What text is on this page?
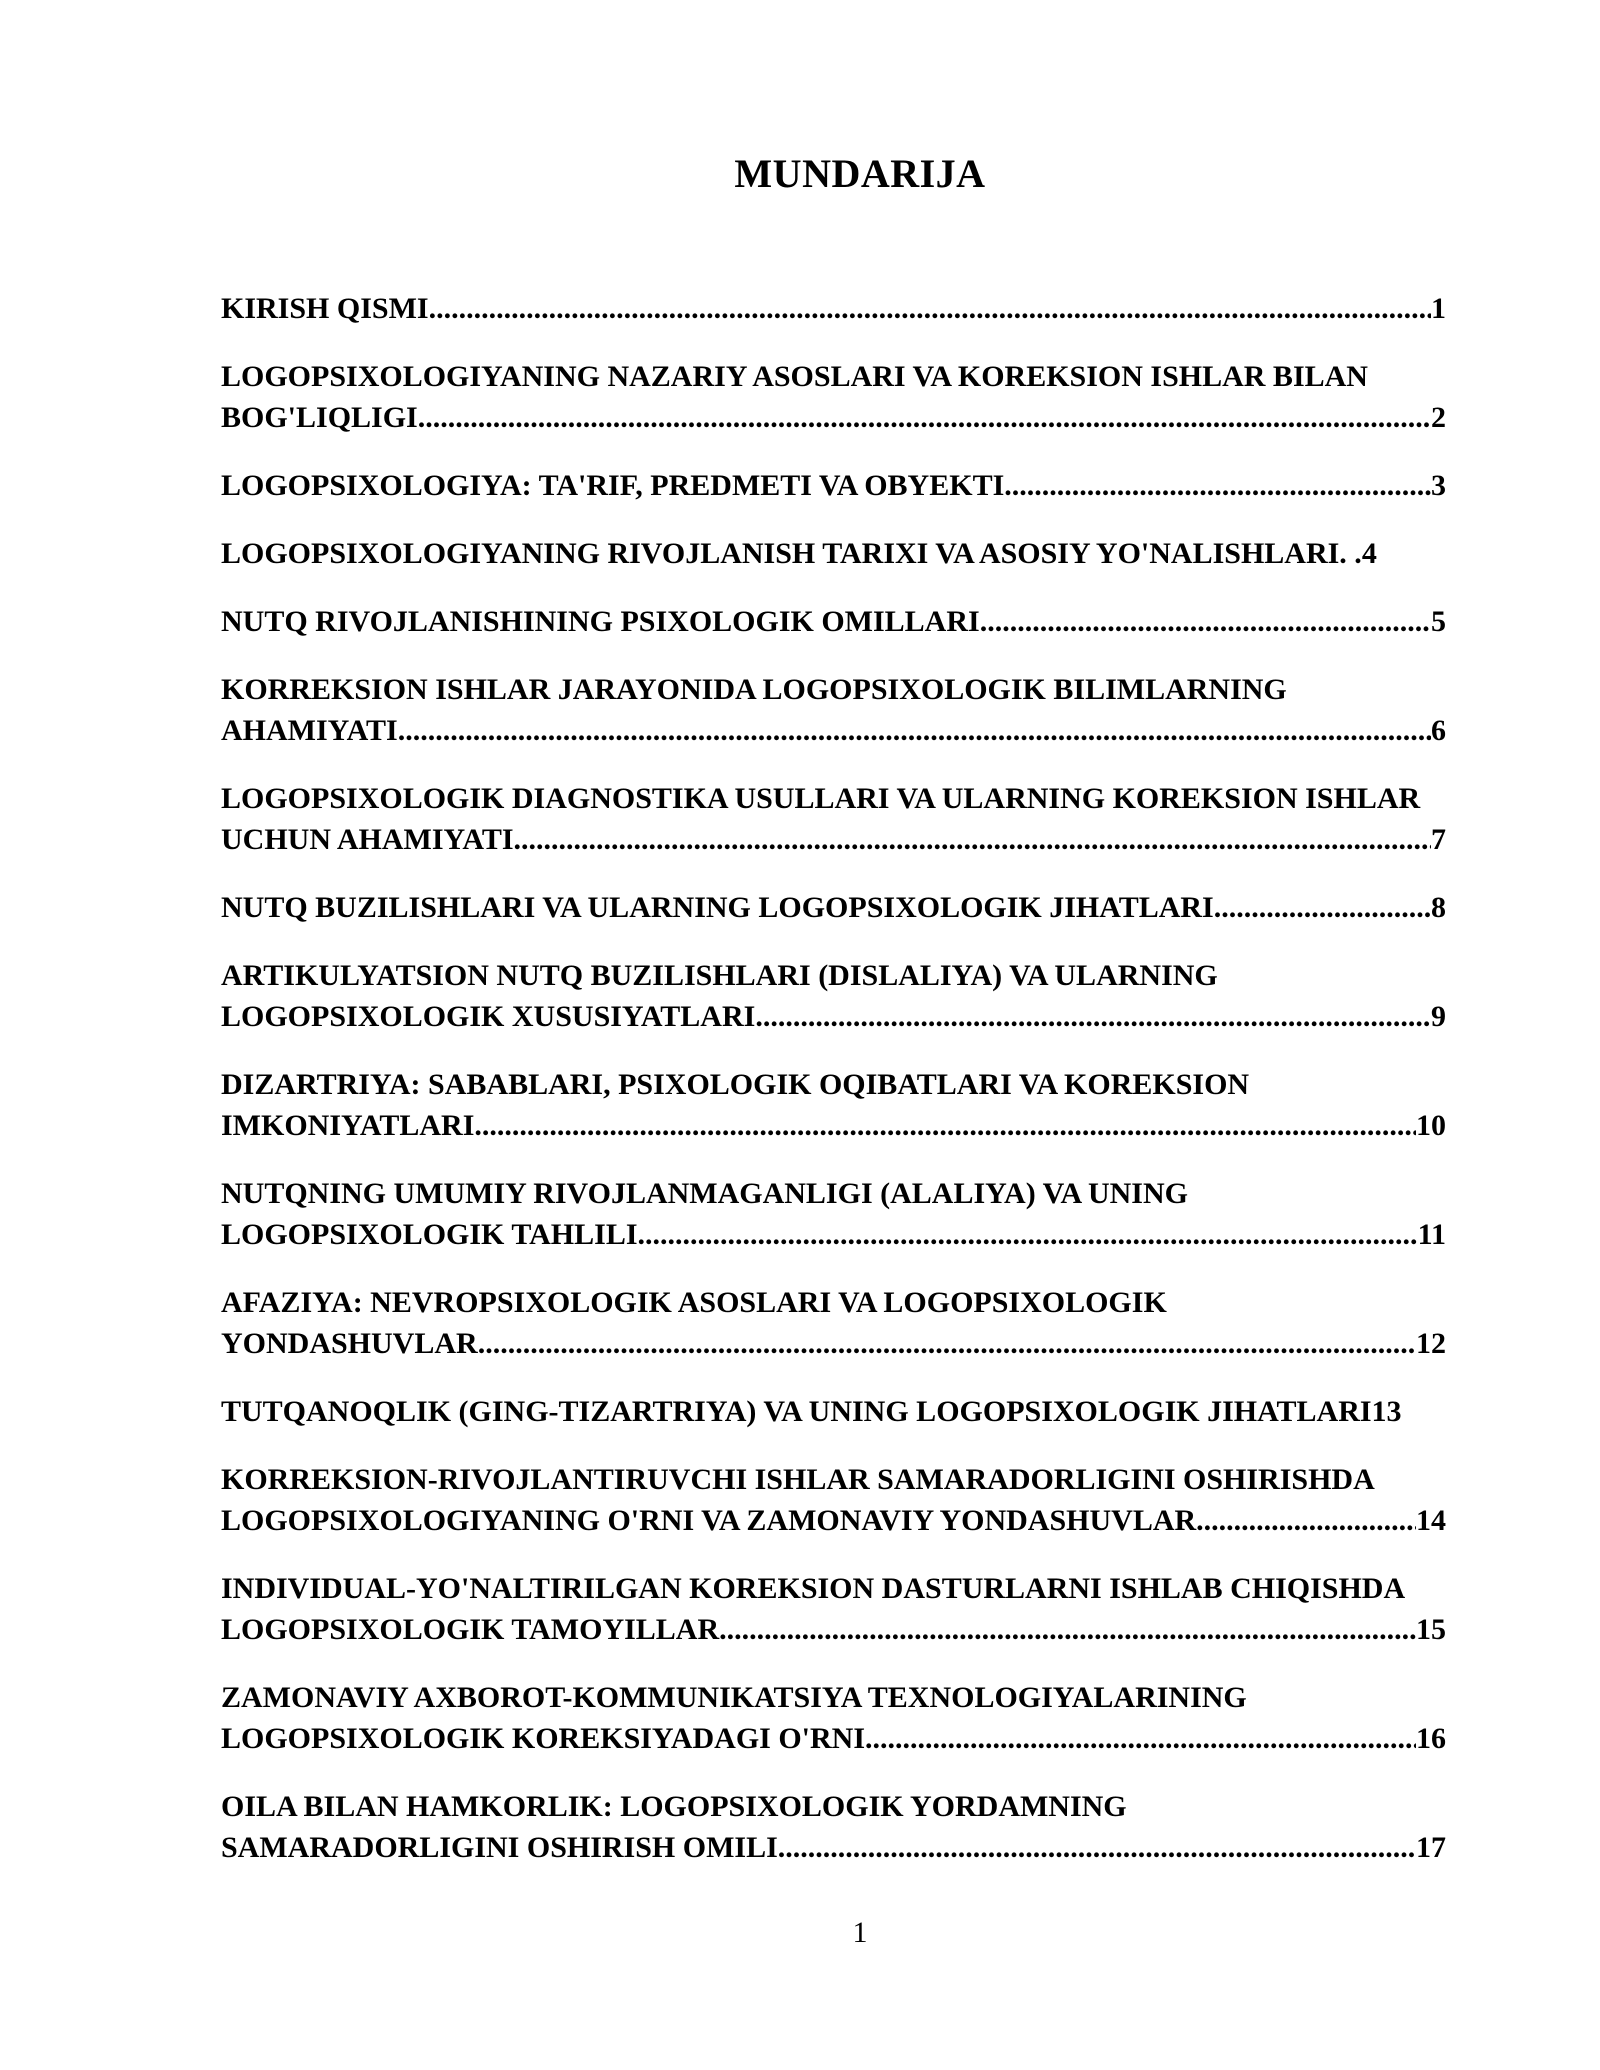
MUNDARIJA
KIRISH QISMI .....	1
LOGOPSIXOLOGIYANING NAZARIY ASOSLARI VA KOREKSION ISHLAR BILAN
BOG'LIQLIGI .....	2
LOGOPSIXOLOGIYA: TA'RIF, PREDMETI VA OBYEKTI .....	3
LOGOPSIXOLOGIYANING RIVOJLANISH TARIXI VA ASOSIY YO'NALISHLARI. . 4
NUTQ RIVOJLANISHINING PSIXOLOGIK OMILLARI .....	5
KORREKSION ISHLAR JARAYONIDA LOGOPSIXOLOGIK BILIMLARNING
AHAMIYATI .....	6
LOGOPSIXOLOGIK DIAGNOSTIKA USULLARI VA ULARNING KOREKSION ISHLAR
UCHUN AHAMIYATI .....	7
NUTQ BUZILISHLARI VA ULARNING LOGOPSIXOLOGIK JIHATLARI .....	8
ARTIKULYATSION NUTQ BUZILISHLARI (DISLALIYA) VA ULARNING
LOGOPSIXOLOGIK XUSUSIYATLARI .....	9
DIZARTRIYA: SABABLARI, PSIXOLOGIK OQIBATLARI VA KOREKSION
IMKONIYATLARI .....	10
NUTQNING UMUMIY RIVOJLANMAGANLIGI (ALALIYA) VA UNING
LOGOPSIXOLOGIK TAHLILI .....	11
AFAZIYA: NEVROPSIXOLOGIK ASOSLARI VA LOGOPSIXOLOGIK
YONDASHUVLAR .....	12
TUTQANOQLIK (GING-TIZARTRIYA) VA UNING LOGOPSIXOLOGIK JIHATLARI 13
KORREKSION-RIVOJLANTIRUVCHI ISHLAR SAMARADORLIGINI OSHIRISHDA
LOGOPSIXOLOGIYANING O'RNI VA ZAMONAVIY YONDASHUVLAR .....	14
INDIVIDUAL-YO'NALTIRILGAN KOREKSION DASTURLARNI ISHLAB CHIQISHDA
LOGOPSIXOLOGIK TAMOYILLAR .....	15
ZAMONAVIY AXBOROT-KOMMUNIKATSIYA TEXNOLOGIYALARINING
LOGOPSIXOLOGIK KOREKSIYADAGI O'RNI .....	16
OILA BILAN HAMKORLIK: LOGOPSIXOLOGIK YORDAMNING
SAMARADORLIGINI OSHIRISH OMILI .....	17
1
